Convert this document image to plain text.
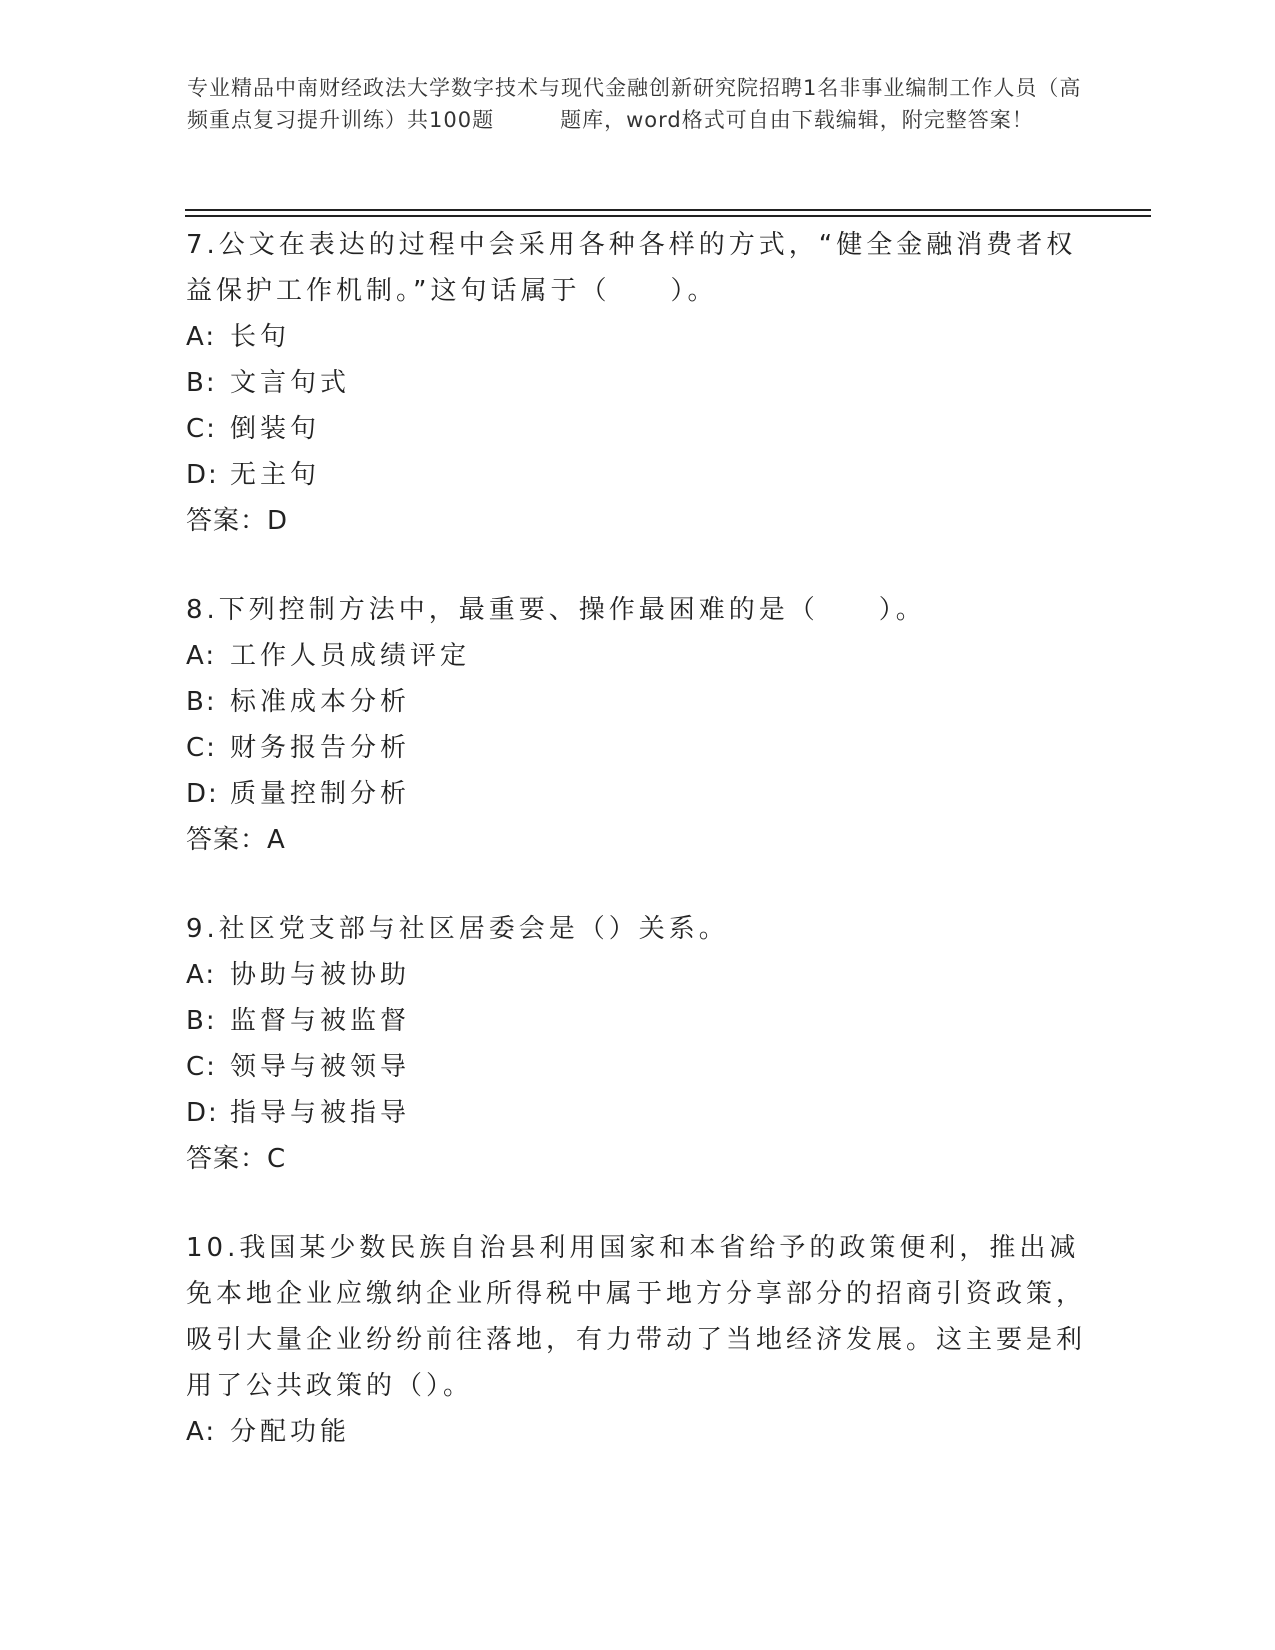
专业精品中南财经政法大学数字技术与现代金融创新研究院招聘1名非事业编制工作人员（高频重点复习提升训练）共100题　　　题库，word格式可自由下载编辑，附完整答案！

7.公文在表达的过程中会采用各种各样的方式，“健全金融消费者权益保护工作机制。”这句话属于（　　）。

A: 长句

B: 文言句式

C: 倒装句

D: 无主句

答案：D

8.下列控制方法中，最重要、操作最困难的是（　　）。

A: 工作人员成绩评定

B: 标准成本分析

C: 财务报告分析

D: 质量控制分析

答案：A

9.社区党支部与社区居委会是（）关系。

A: 协助与被协助

B: 监督与被监督

C: 领导与被领导

D: 指导与被指导

答案：C

10.我国某少数民族自治县利用国家和本省给予的政策便利，推出减免本地企业应缴纳企业所得税中属于地方分享部分的招商引资政策，吸引大量企业纷纷前往落地，有力带动了当地经济发展。这主要是利用了公共政策的（）。

A: 分配功能
